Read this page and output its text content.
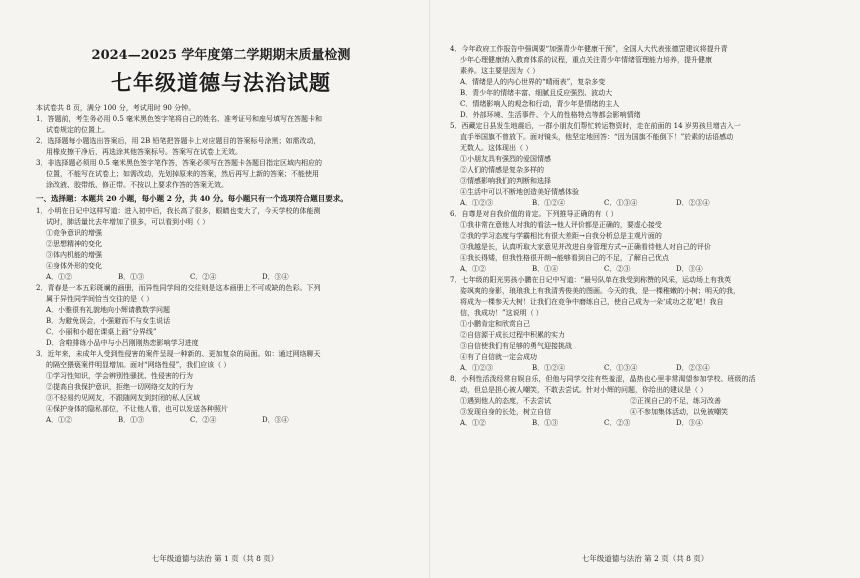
2024—2025 学年度第二学期期末质量检测

七年级道德与法治试题

本试卷共 8 页，满分 100 分，考试用时 90 分钟。

1．答题前，考生务必用 0.5 毫米黑色签字笔将自己的姓名、准考证号和座号填写在答题卡和

试卷规定的位置上。

2．选择题每小题选出答案后，用 2B 铅笔把答题卡上对应题目的答案标号涂黑；如需改动，

用橡皮擦干净后，再选涂其他答案标号。答案写在试卷上无效。

3．非选择题必须用 0.5 毫米黑色签字笔作答，答案必须写在答题卡各题目指定区域内相应的

位置，不能写在试卷上；如需改动，先划掉原来的答案，然后再写上新的答案；不能使用

涂改液、胶带纸、修正带。不按以上要求作答的答案无效。

一、选择题：本题共 20 小题，每小题 2 分，共 40 分。每小题只有一个选项符合题目要求。

1．小明在日记中这样写道：进入初中后，我长高了很多，眼睛也变大了，今天学校的体能测

试时，肺活量比去年增加了很多，可以看到小明（ ）

①竞争意识的增强

②思想精神的变化

③体内机能的增强

④身体外形的变化

A．①②	B．①③	C．②④	D．③④

2．青春是一本五彩斑斓的画册，而异性同学间的交往则是这本画册上不可或缺的色彩。下列

属于异性同学间恰当交往的是（ ）

A．小雅很有礼貌地向小辉请教数学问题

B．为避免误会，小强避而不与女生说话

C．小丽和小超在课桌上画“分界线”

D．含啦排练小品中与小吕刚刚热恋影响学习进度

3．近年来，未成年人受到性侵害的案件呈现一种新的、更加复杂的局面。如：通过网络聊天

的隔空猥亵案件明显增加。面对“网络性侵”，我们应该（ ）

①学习性知识，学会辨别性骚扰、性侵害的行为

②提高自我保护意识，拒绝一切网络交友的行为

③不轻易约见网友，不跟随网友到封闭的私人区域

④保护身体的隐私部位，不让他人看，也可以发送各种照片

A．①②	B．①③	C．②④	D．③④
七年级道德与法治 第 1 页（共 8 页）

4．今年政府工作报告中强调要“加强青少年健康干预”，全国人大代表张德罡建议将提升青

少年心理健康纳入教育体系的议程，重点关注青少年情绪管理能力培养，提升健康

素养。这主要是因为（ ）

A．情绪是人的内心世界的“晴雨表”，复杂多变

B．青少年的情绪丰富、细腻且反应强烈、波动大

C．情绪影响人的观念和行动，青少年是情绪的主人

D．外部环境、生活事件、个人的性格特点等都会影响情绪

5．西藏定日县发生地震后，一群小朋友们帮忙转运物资时，走在前面的 14 岁男孩旦增吉入一

直手举国旗不曾放下。面对镜头，他坚定地回答：“因为国旗不能倒下！”於素的话语感动

无数人。这体现出（ ）

①小朋友具有强烈的爱国情感

②人们的情感是复杂多样的

③情感影响我们的判断和选择

④生活中可以不断地创造美好情感体验

A．①②③	B．①②④	C．①③④	D．②③④

6．自尊是对自我价值的肯定。下列推导正确的有（ ）

①我非常在意他人对我的看法→他人评价都是正确的，要虚心接受

②我的学习态度与学霸相比有很大差距→自我分析总是主观片面的

③我越是长，认真听取大家意见并改进自身管理方式→正确看待他人对自己的评价

④我长得矮，但我性格很开朗→能够看到自己的不足，了解自己优点

A．①②	B．①④	C．②③	D．③④

7．七年级的阳光男孩小鹏在日记中写道：“最号队单在我受到称赞的风采，运动场上有我英

姿飒爽的身影，琅琅我上有我清秀俊美的图画。今天的我，是一棵稚嫩的小树；明天的我，

将成为一棵参天大树！让我们在竞争中磨练自己，使自己成为一朵‘成功之花’吧！我自

信，我成功！”这说明（ ）

①小鹏肯定和欣赏自己

②自信源于成长过程中积累的实力

③自信使我们有足够的勇气迎接挑战

④有了自信就一定会成功

A．①②③	B．①②④	C．①③④	D．②③④

8．小利性活泼经常自娱自乐，但他与同学交往有些羞涩，晶热也心里非常渴望参加学校、班级的活

动，但总是担心被人嘲笑，不敢去尝试。针对小辉的问题，你给出的建议是（ ）

①遇到他人的态度，不去尝试	②正视自己的不足，练习改善
③发现自身的长处，树立自信	④不参加集体活动，以免被嘲笑
A．①②	B．①③	C．②③	D．③④
七年级道德与法治 第 2 页（共 8 页）
